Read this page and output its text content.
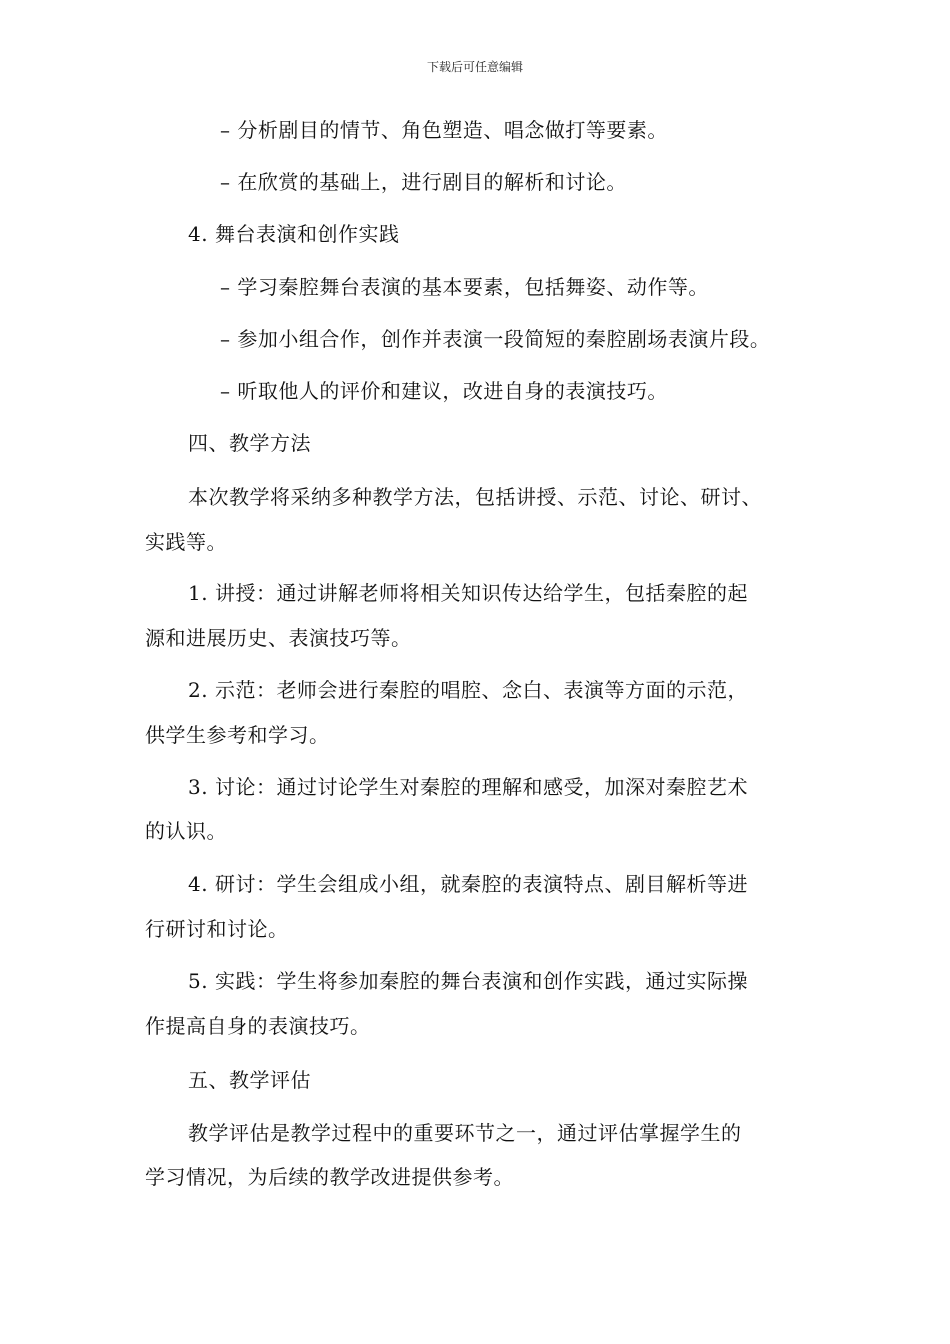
下载后可任意编辑
– 分析剧目的情节、角色塑造、唱念做打等要素。
– 在欣赏的基础上，进行剧目的解析和讨论。
4. 舞台表演和创作实践
– 学习秦腔舞台表演的基本要素，包括舞姿、动作等。
– 参加小组合作，创作并表演一段简短的秦腔剧场表演片段。
– 听取他人的评价和建议，改进自身的表演技巧。
四、教学方法
本次教学将采纳多种教学方法，包括讲授、示范、讨论、研讨、
实践等。
1. 讲授：通过讲解老师将相关知识传达给学生，包括秦腔的起
源和进展历史、表演技巧等。
2. 示范：老师会进行秦腔的唱腔、念白、表演等方面的示范，
供学生参考和学习。
3. 讨论：通过讨论学生对秦腔的理解和感受，加深对秦腔艺术
的认识。
4. 研讨：学生会组成小组，就秦腔的表演特点、剧目解析等进
行研讨和讨论。
5. 实践：学生将参加秦腔的舞台表演和创作实践，通过实际操
作提高自身的表演技巧。
五、教学评估
教学评估是教学过程中的重要环节之一，通过评估掌握学生的
学习情况，为后续的教学改进提供参考。
